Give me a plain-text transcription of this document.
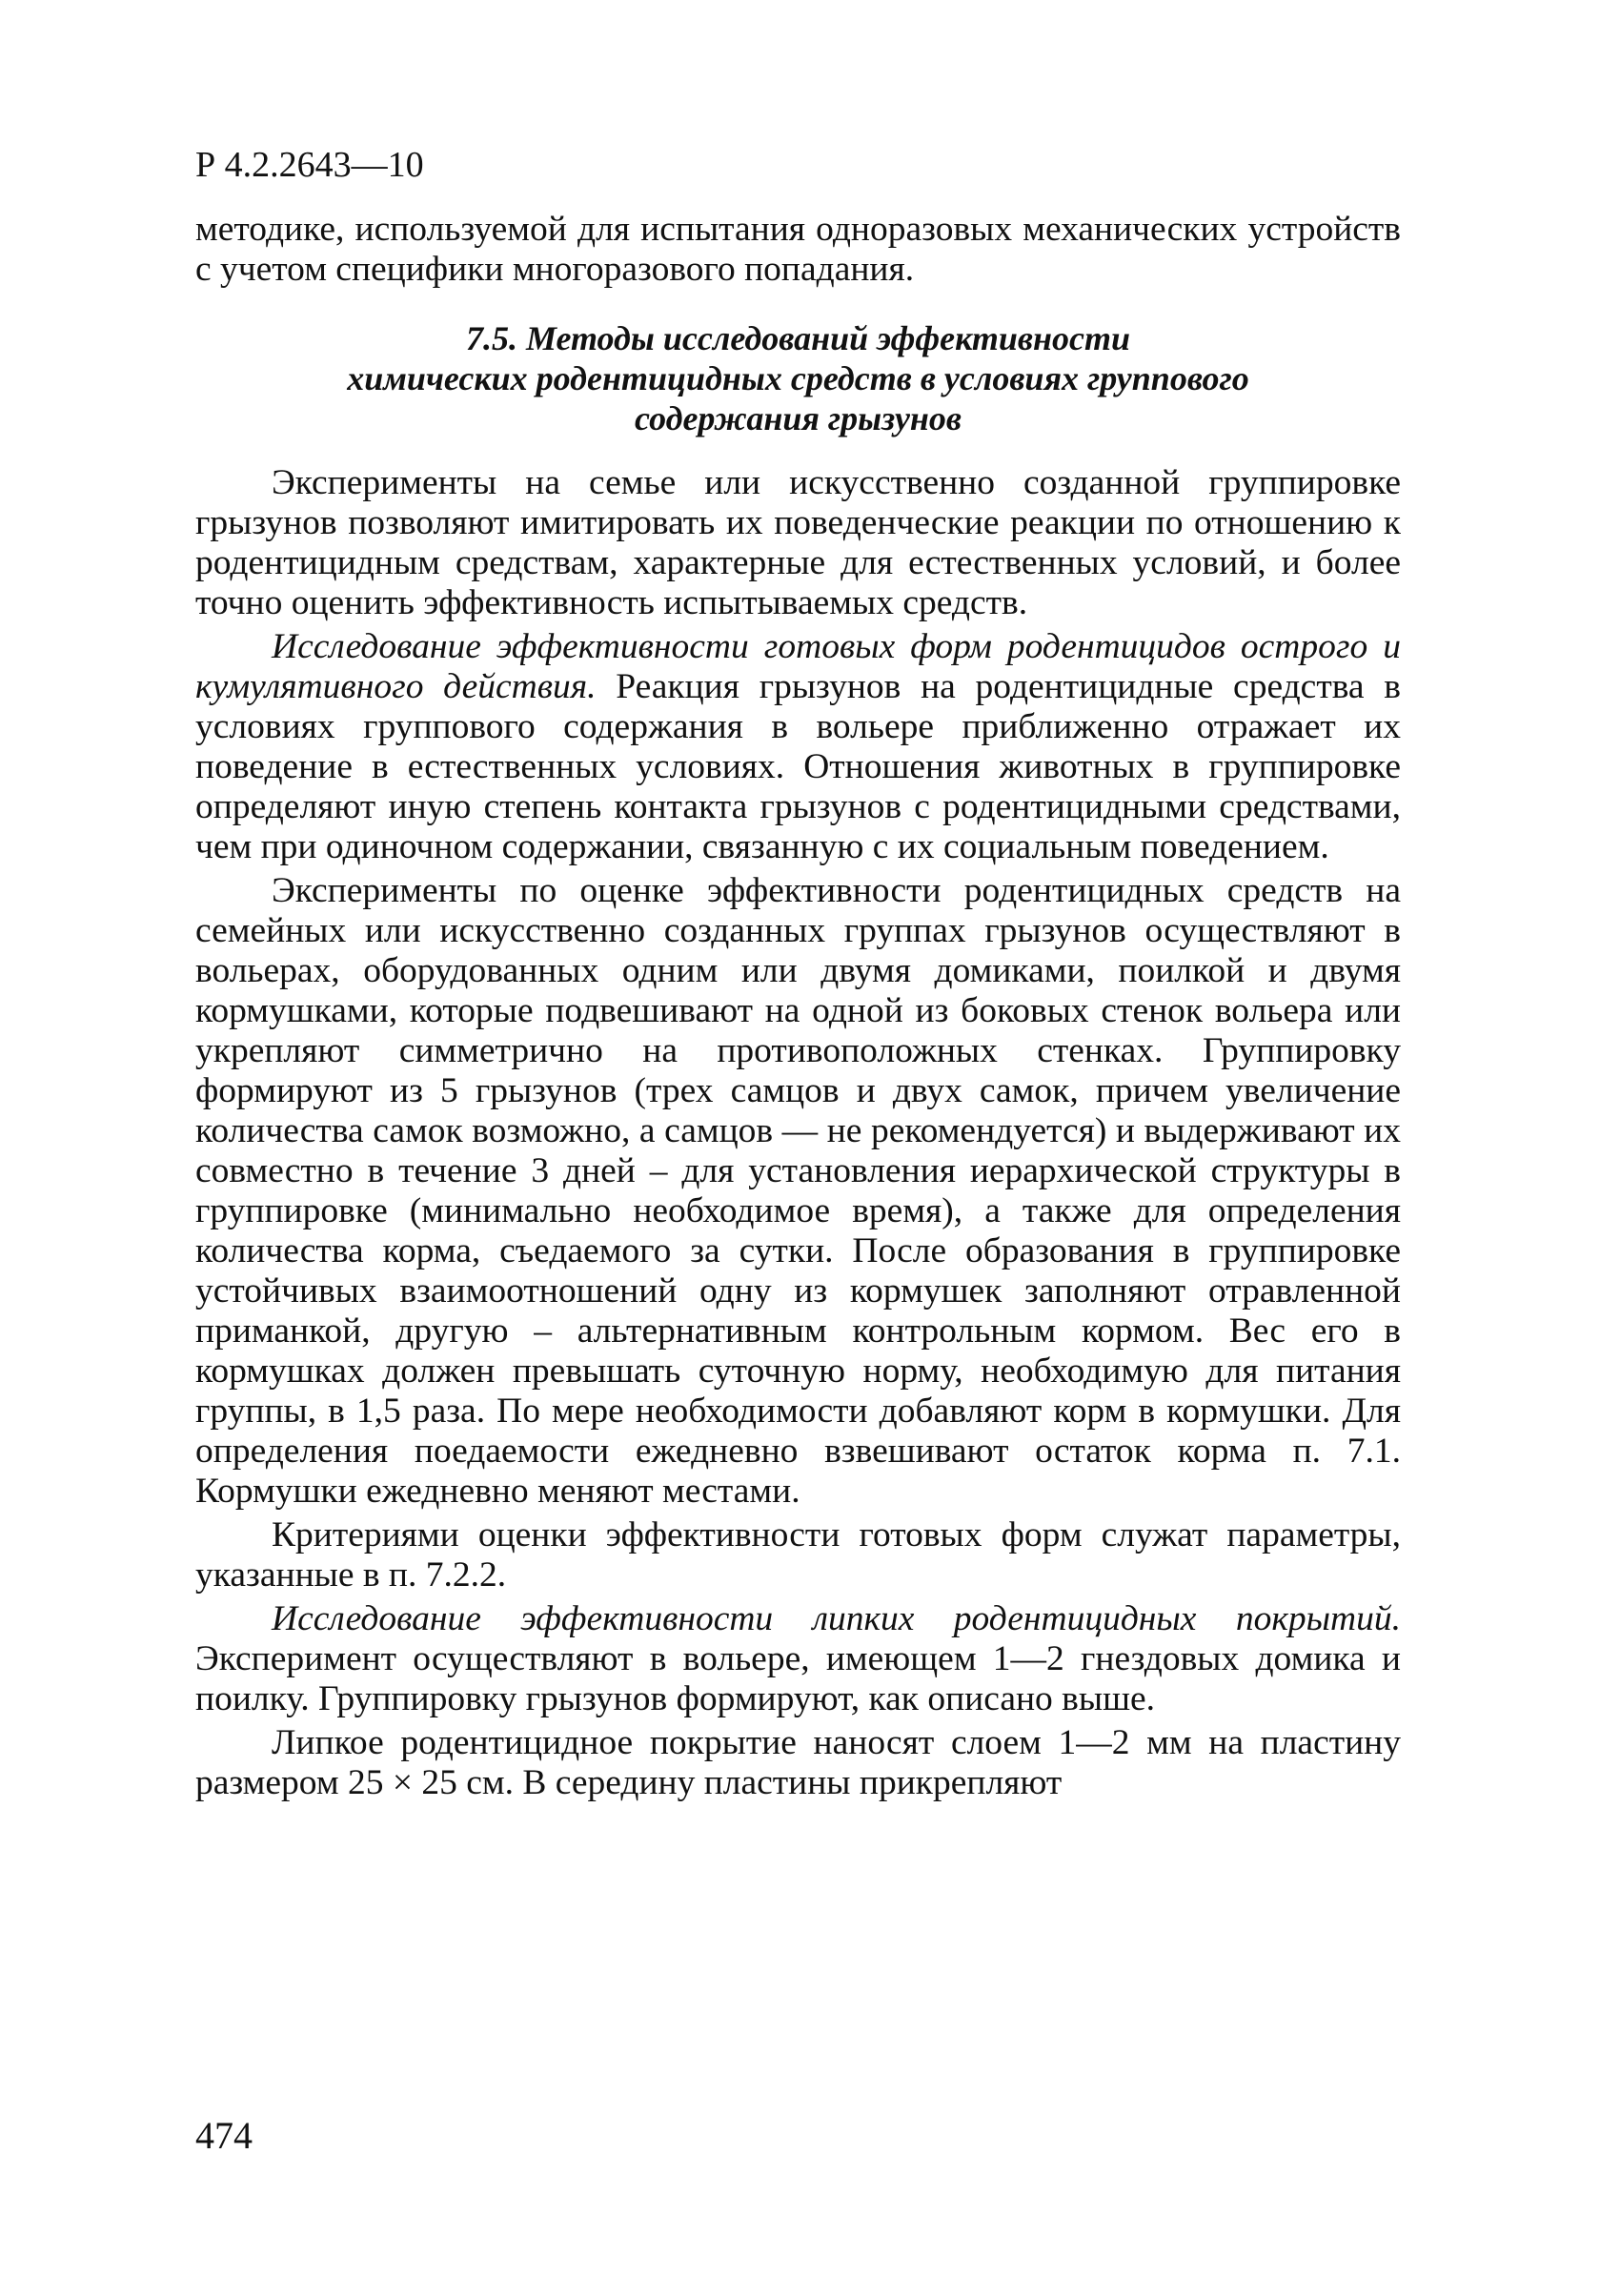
Р 4.2.2643—10

методике, используемой для испытания одноразовых механических устройств с учетом специфики многоразового попадания.

7.5. Методы исследований эффективности
химических родентицидных средств в условиях группового
содержания грызунов

Эксперименты на семье или искусственно созданной группировке грызунов позволяют имитировать их поведенческие реакции по отношению к родентицидным средствам, характерные для естественных условий, и более точно оценить эффективность испытываемых средств.

Исследование эффективности готовых форм родентицидов острого и кумулятивного действия. Реакция грызунов на родентицидные средства в условиях группового содержания в вольере приближенно отражает их поведение в естественных условиях. Отношения животных в группировке определяют иную степень контакта грызунов с родентицидными средствами, чем при одиночном содержании, связанную с их социальным поведением.

Эксперименты по оценке эффективности родентицидных средств на семейных или искусственно созданных группах грызунов осуществляют в вольерах, оборудованных одним или двумя домиками, поилкой и двумя кормушками, которые подвешивают на одной из боковых стенок вольера или укрепляют симметрично на противоположных стенках. Группировку формируют из 5 грызунов (трех самцов и двух самок, причем увеличение количества самок возможно, а самцов — не рекомендуется) и выдерживают их совместно в течение 3 дней – для установления иерархической структуры в группировке (минимально необходимое время), а также для определения количества корма, съедаемого за сутки. После образования в группировке устойчивых взаимоотношений одну из кормушек заполняют отравленной приманкой, другую – альтернативным контрольным кормом. Вес его в кормушках должен превышать суточную норму, необходимую для питания группы, в 1,5 раза. По мере необходимости добавляют корм в кормушки. Для определения поедаемости ежедневно взвешивают остаток корма п. 7.1. Кормушки ежедневно меняют местами.

Критериями оценки эффективности готовых форм служат параметры, указанные в п. 7.2.2.

Исследование эффективности липких родентицидных покрытий. Эксперимент осуществляют в вольере, имеющем 1—2 гнездовых домика и поилку. Группировку грызунов формируют, как описано выше.

Липкое родентицидное покрытие наносят слоем 1—2 мм на пластину размером 25 × 25 см. В середину пластины прикрепляют

474
